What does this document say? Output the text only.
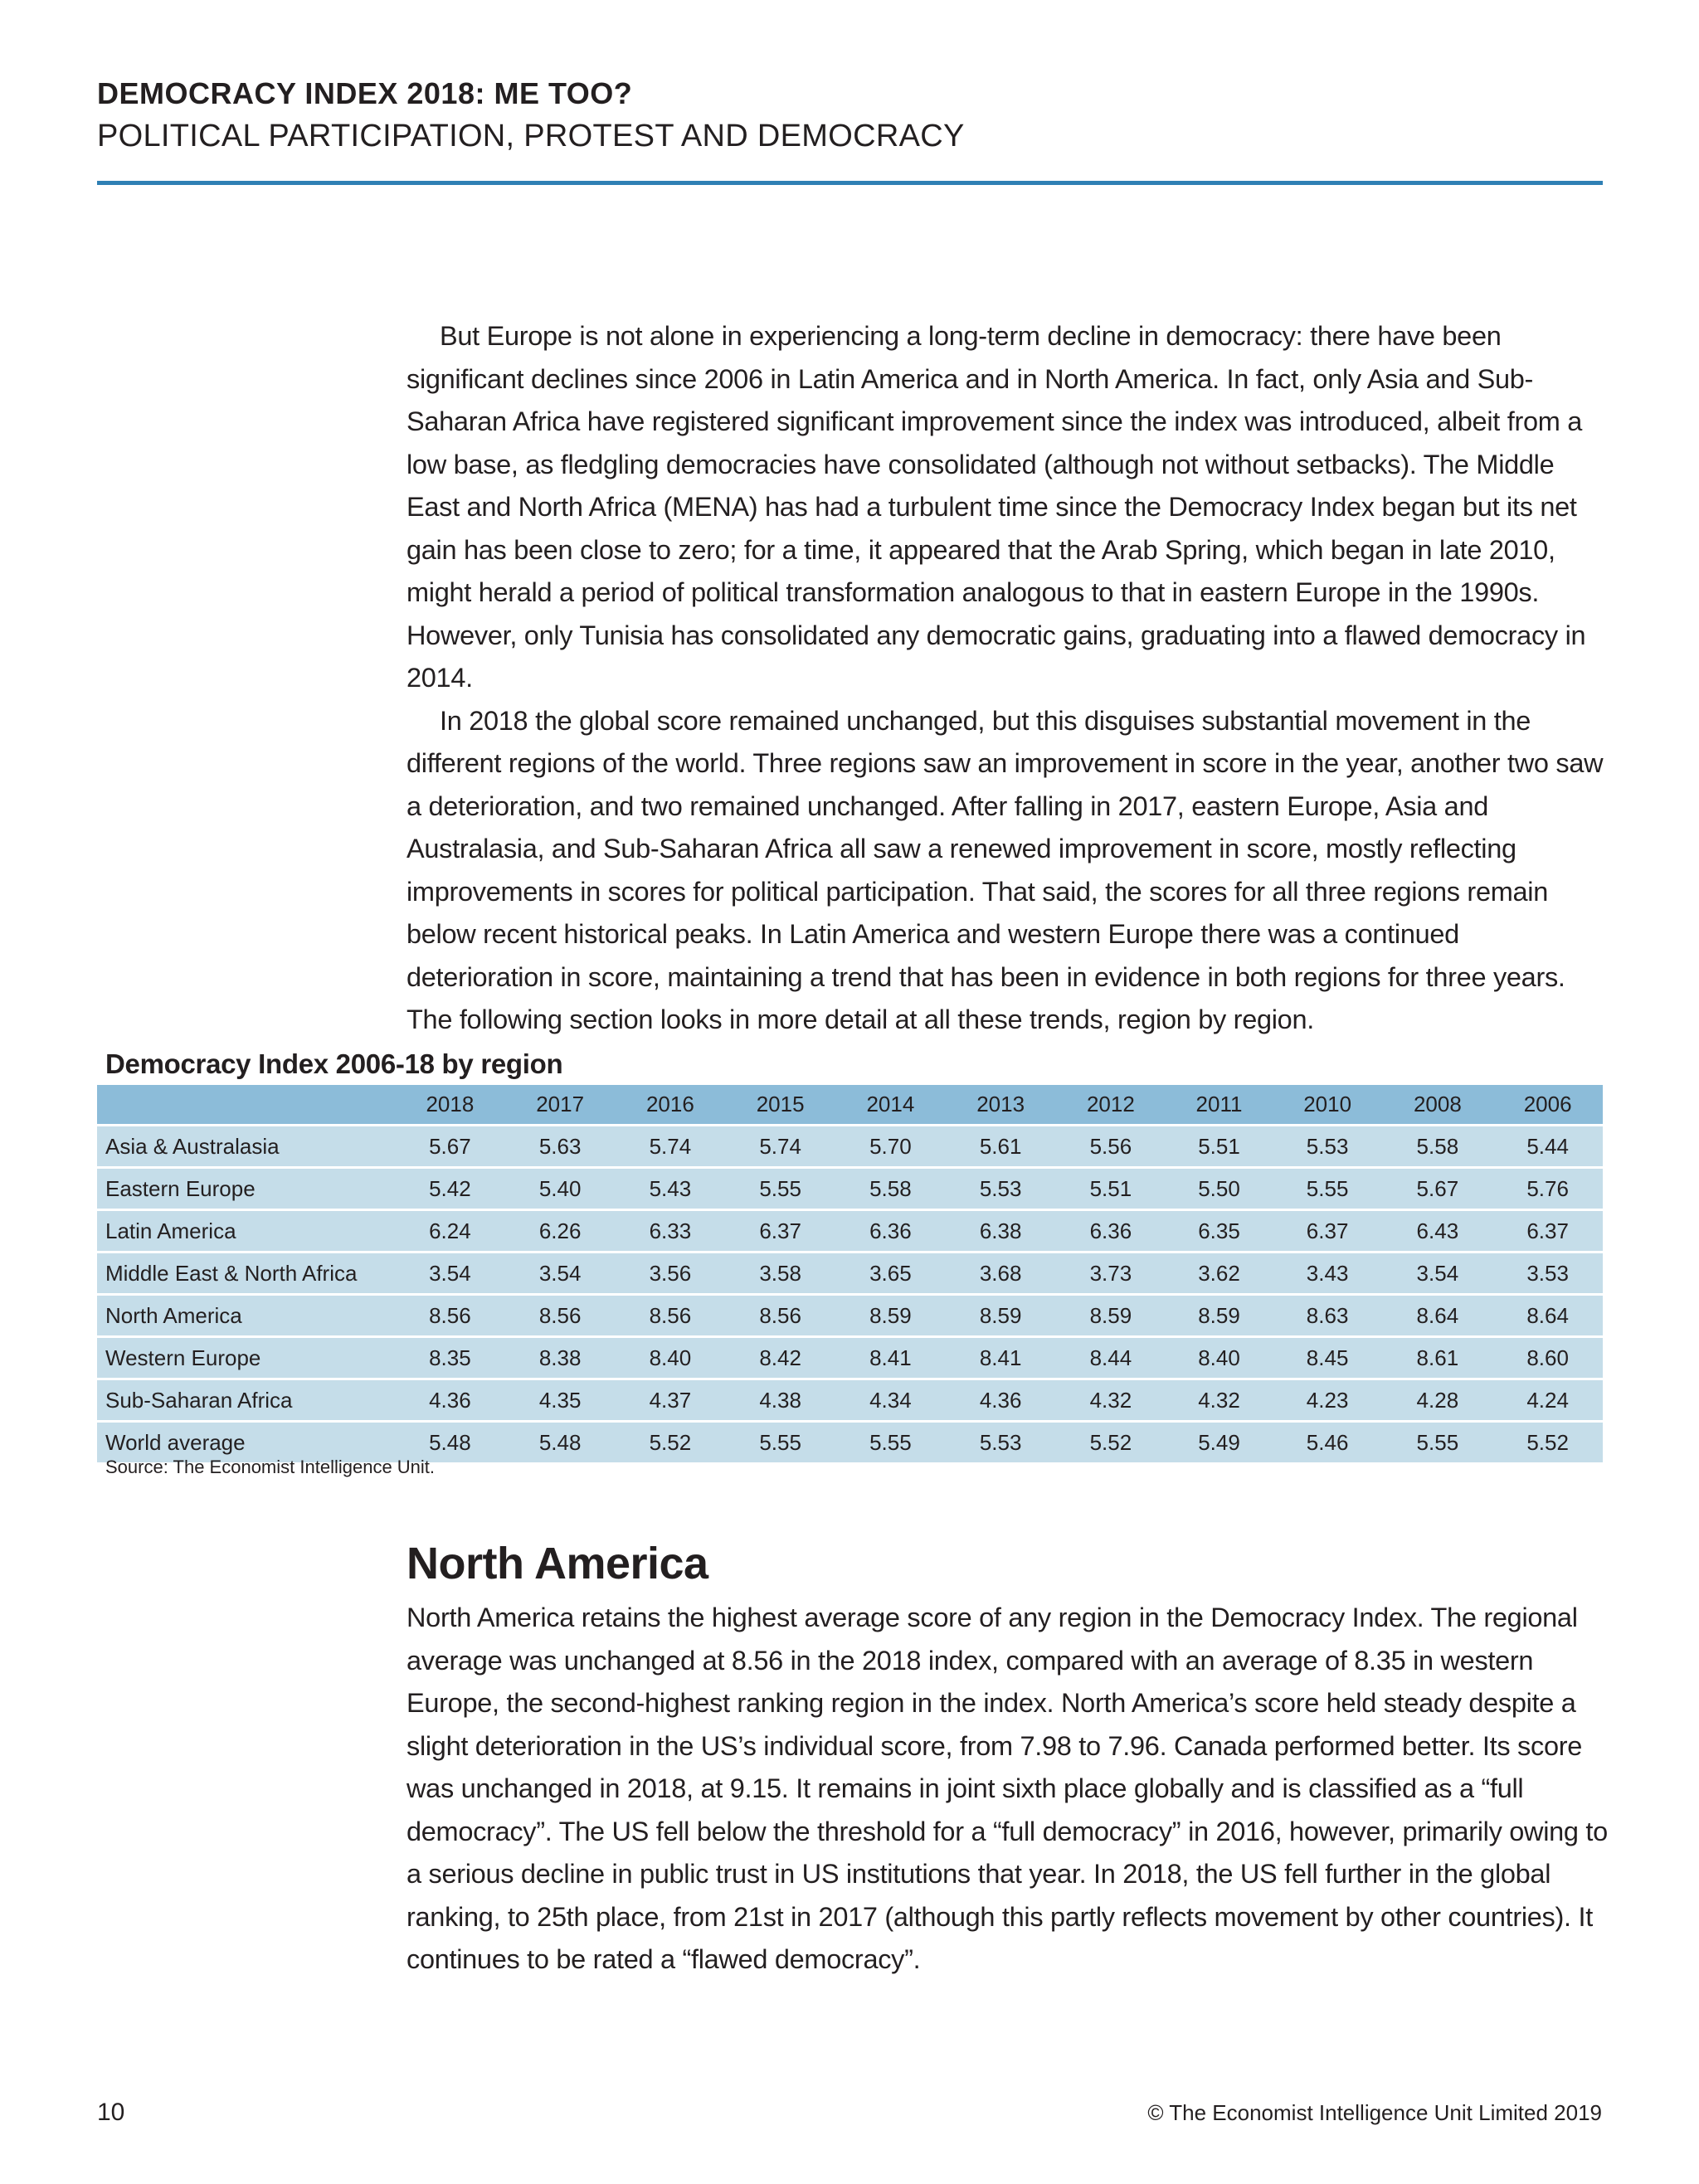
DEMOCRACY INDEX 2018: ME TOO?
POLITICAL PARTICIPATION, PROTEST AND DEMOCRACY

But Europe is not alone in experiencing a long-term decline in democracy: there have been significant declines since 2006 in Latin America and in North America. In fact, only Asia and Sub-Saharan Africa have registered significant improvement since the index was introduced, albeit from a low base, as fledgling democracies have consolidated (although not without setbacks). The Middle East and North Africa (MENA) has had a turbulent time since the Democracy Index began but its net gain has been close to zero; for a time, it appeared that the Arab Spring, which began in late 2010, might herald a period of political transformation analogous to that in eastern Europe in the 1990s. However, only Tunisia has consolidated any democratic gains, graduating into a flawed democracy in 2014.

In 2018 the global score remained unchanged, but this disguises substantial movement in the different regions of the world. Three regions saw an improvement in score in the year, another two saw a deterioration, and two remained unchanged. After falling in 2017, eastern Europe, Asia and Australasia, and Sub-Saharan Africa all saw a renewed improvement in score, mostly reflecting improvements in scores for political participation. That said, the scores for all three regions remain below recent historical peaks. In Latin America and western Europe there was a continued deterioration in score, maintaining a trend that has been in evidence in both regions for three years. The following section looks in more detail at all these trends, region by region.

Democracy Index 2006-18 by region
	2018	2017	2016	2015	2014	2013	2012	2011	2010	2008	2006
Asia & Australasia	5.67	5.63	5.74	5.74	5.70	5.61	5.56	5.51	5.53	5.58	5.44
Eastern Europe	5.42	5.40	5.43	5.55	5.58	5.53	5.51	5.50	5.55	5.67	5.76
Latin America	6.24	6.26	6.33	6.37	6.36	6.38	6.36	6.35	6.37	6.43	6.37
Middle East & North Africa	3.54	3.54	3.56	3.58	3.65	3.68	3.73	3.62	3.43	3.54	3.53
North America	8.56	8.56	8.56	8.56	8.59	8.59	8.59	8.59	8.63	8.64	8.64
Western Europe	8.35	8.38	8.40	8.42	8.41	8.41	8.44	8.40	8.45	8.61	8.60
Sub-Saharan Africa	4.36	4.35	4.37	4.38	4.34	4.36	4.32	4.32	4.23	4.28	4.24
World average	5.48	5.48	5.52	5.55	5.55	5.53	5.52	5.49	5.46	5.55	5.52
Source: The Economist Intelligence Unit.
North America

North America retains the highest average score of any region in the Democracy Index. The regional average was unchanged at 8.56 in the 2018 index, compared with an average of 8.35 in western Europe, the second-highest ranking region in the index. North America’s score held steady despite a slight deterioration in the US’s individual score, from 7.98 to 7.96. Canada performed better. Its score was unchanged in 2018, at 9.15. It remains in joint sixth place globally and is classified as a “full democracy”. The US fell below the threshold for a “full democracy” in 2016, however, primarily owing to a serious decline in public trust in US institutions that year. In 2018, the US fell further in the global ranking, to 25th place, from 21st in 2017 (although this partly reflects movement by other countries). It continues to be rated a “flawed democracy”.

10	© The Economist Intelligence Unit Limited 2019
